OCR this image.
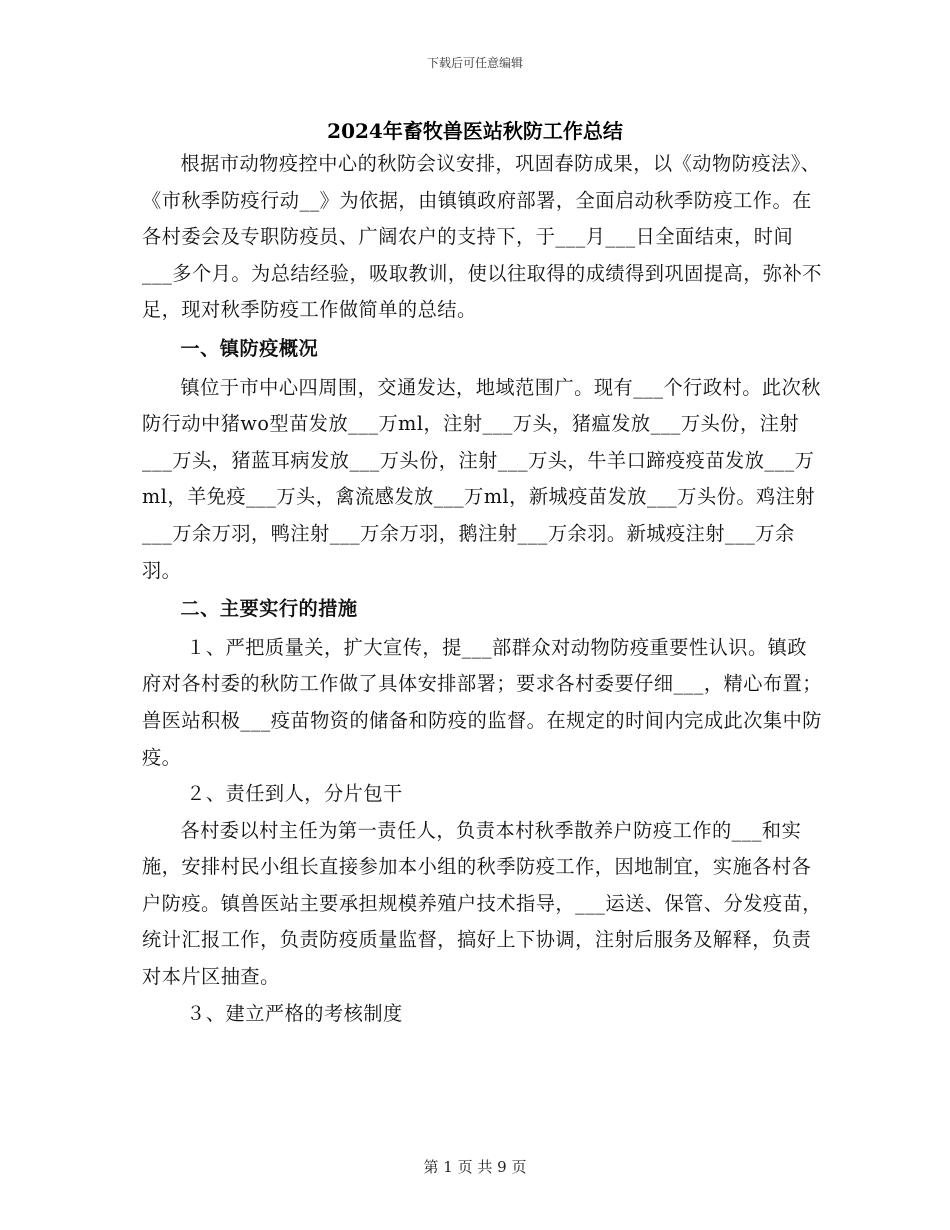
下载后可任意编辑
2024年畜牧兽医站秋防工作总结

根据市动物疫控中心的秋防会议安排，巩固春防成果，以《动物防疫法》、《市秋季防疫行动__》为依据，由镇镇政府部署，全面启动秋季防疫工作。在各村委会及专职防疫员、广阔农户的支持下，于___月___日全面结束，时间___多个月。为总结经验，吸取教训，使以往取得的成绩得到巩固提高，弥补不足，现对秋季防疫工作做简单的总结。

一、镇防疫概况

镇位于市中心四周围，交通发达，地域范围广。现有___个行政村。此次秋防行动中猪wo型苗发放___万ml，注射___万头，猪瘟发放___万头份，注射___万头，猪蓝耳病发放___万头份，注射___万头，牛羊口蹄疫疫苗发放___万ml，羊免疫___万头，禽流感发放___万ml，新城疫苗发放___万头份。鸡注射___万余万羽，鸭注射___万余万羽，鹅注射___万余羽。新城疫注射___万余羽。

二、主要实行的措施

１、严把质量关，扩大宣传，提___部群众对动物防疫重要性认识。镇政府对各村委的秋防工作做了具体安排部署；要求各村委要仔细___，精心布置；兽医站积极___疫苗物资的储备和防疫的监督。在规定的时间内完成此次集中防疫。

２、责任到人，分片包干

各村委以村主任为第一责任人，负责本村秋季散养户防疫工作的___和实施，安排村民小组长直接参加本小组的秋季防疫工作，因地制宜，实施各村各户防疫。镇兽医站主要承担规模养殖户技术指导，___运送、保管、分发疫苗，统计汇报工作，负责防疫质量监督，搞好上下协调，注射后服务及解释，负责对本片区抽查。

３、建立严格的考核制度

第 1 页 共 9 页
